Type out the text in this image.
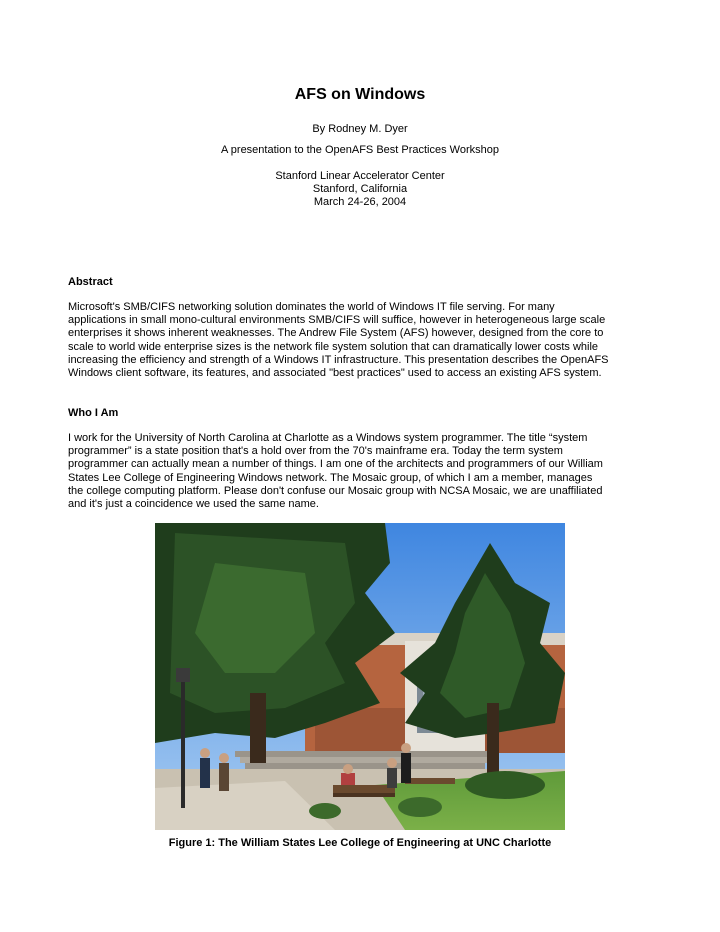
AFS on Windows
By Rodney M. Dyer
A presentation to the OpenAFS Best Practices Workshop
Stanford Linear Accelerator Center
Stanford, California
March 24-26, 2004
Abstract
Microsoft's SMB/CIFS networking solution dominates the world of Windows IT file serving. For many
applications in small mono-cultural environments SMB/CIFS will suffice, however in heterogeneous large scale
enterprises it shows inherent weaknesses. The Andrew File System (AFS) however, designed from the core to
scale to world wide enterprise sizes is the network file system solution that can dramatically lower costs while
increasing the efficiency and strength of a Windows IT infrastructure. This presentation describes the OpenAFS
Windows client software, its features, and associated "best practices" used to access an existing AFS system.
Who I Am
I work for the University of North Carolina at Charlotte as a Windows system programmer. The title “system
programmer” is a state position that's a hold over from the 70's mainframe era. Today the term system
programmer can actually mean a number of things. I am one of the architects and programmers of our William
States Lee College of Engineering Windows network. The Mosaic group, of which I am a member, manages
the college computing platform. Please don't confuse our Mosaic group with NCSA Mosaic, we are unaffiliated
and it's just a coincidence we used the same name.
Figure 1: The William States Lee College of Engineering at UNC Charlotte
